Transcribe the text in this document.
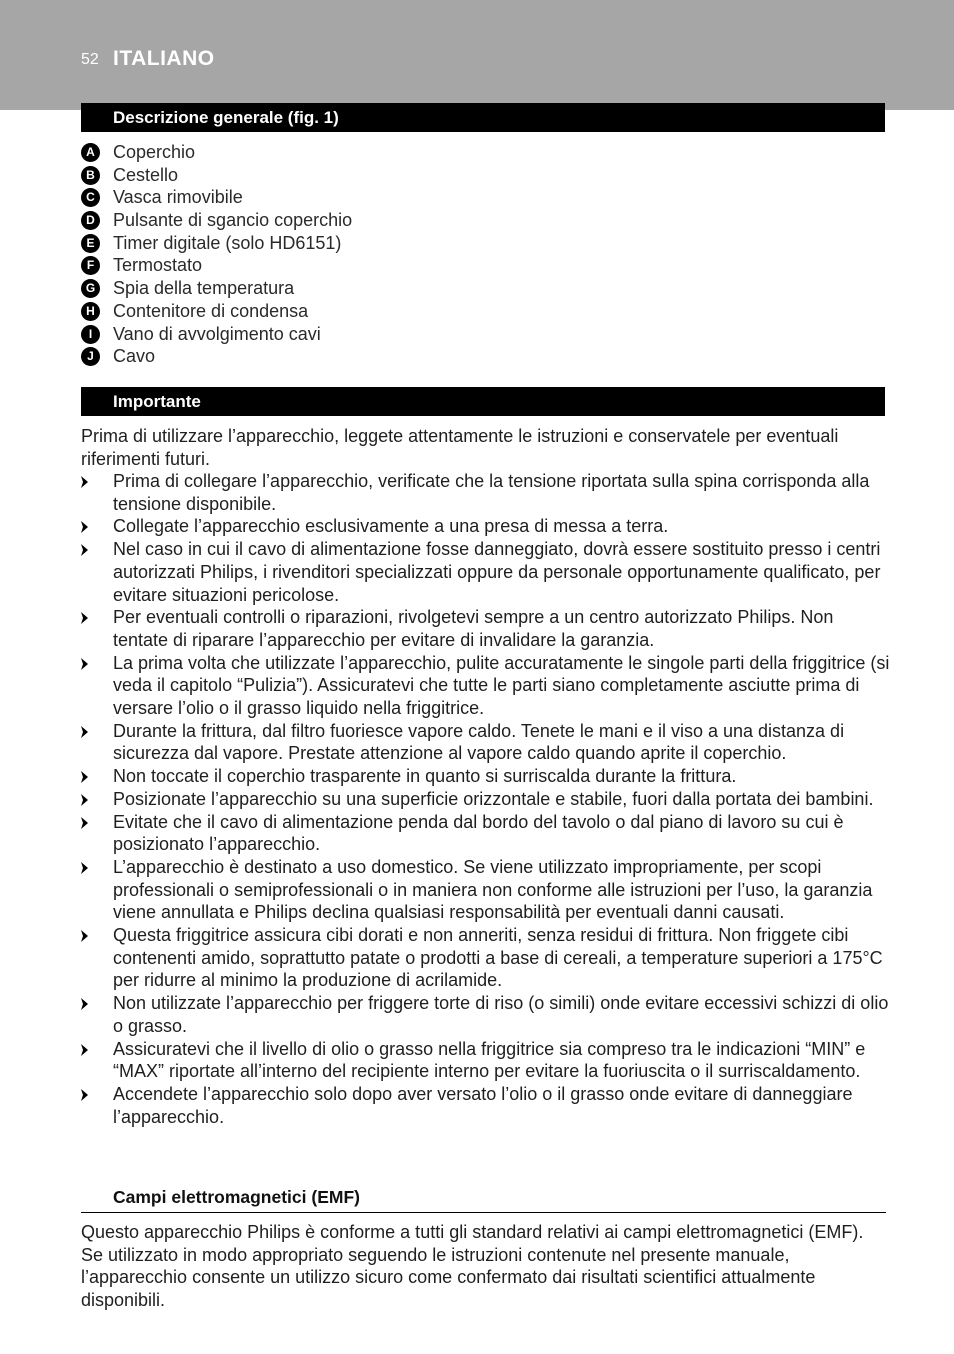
52 ITALIANO
Descrizione generale (fig. 1)
A Coperchio
B Cestello
C Vasca rimovibile
D Pulsante di sgancio coperchio
E	Timer digitale (solo HD6151)
F	Termostato
G Spia della temperatura
H Contenitore di condensa
I	Vano di avvolgimento cavi
J	Cavo
Importante

Prima di utilizzare l’apparecchio, leggete attentamente le istruzioni e conservatele per eventuali riferimenti futuri.

Prima di collegare l’apparecchio, verificate che la tensione riportata sulla spina corrisponda alla tensione disponibile.
Collegate l’apparecchio esclusivamente a una presa di messa a terra.
Nel caso in cui il cavo di alimentazione fosse danneggiato, dovrà essere sostituito presso i centri autorizzati Philips, i rivenditori specializzati oppure da personale opportunamente qualificato, per evitare situazioni pericolose.
Per eventuali controlli o riparazioni, rivolgetevi sempre a un centro autorizzato Philips. Non tentate di riparare l’apparecchio per evitare di invalidare la garanzia.
La prima volta che utilizzate l’apparecchio, pulite accuratamente le singole parti della friggitrice (si veda il capitolo “Pulizia”). Assicuratevi che tutte le parti siano completamente asciutte prima di versare l’olio o il grasso liquido nella friggitrice.
Durante la frittura, dal filtro fuoriesce vapore caldo. Tenete le mani e il viso a una distanza di sicurezza dal vapore. Prestate attenzione al vapore caldo quando aprite il coperchio.
Non toccate il coperchio trasparente in quanto si surriscalda durante la frittura.
Posizionate l’apparecchio su una superficie orizzontale e stabile, fuori dalla portata dei bambini.
Evitate che il cavo di alimentazione penda dal bordo del tavolo o dal piano di lavoro su cui è posizionato l’apparecchio.
L’apparecchio è destinato a uso domestico. Se viene utilizzato impropriamente, per scopi professionali o semiprofessionali o in maniera non conforme alle istruzioni per l’uso, la garanzia viene annullata e Philips declina qualsiasi responsabilità per eventuali danni causati.
Questa friggitrice assicura cibi dorati e non anneriti, senza residui di frittura. Non friggete cibi contenenti amido, soprattutto patate o prodotti a base di cereali, a temperature superiori a 175°C per ridurre al minimo la produzione di acrilamide.
Non utilizzate l’apparecchio per friggere torte di riso (o simili) onde evitare eccessivi schizzi di olio o grasso.
Assicuratevi che il livello di olio o grasso nella friggitrice sia compreso tra le indicazioni “MIN” e “MAX” riportate all’interno del recipiente interno per evitare la fuoriuscita o il surriscaldamento.
Accendete l’apparecchio solo dopo aver versato l’olio o il grasso onde evitare di danneggiare l’apparecchio.
Campi elettromagnetici (EMF)

Questo apparecchio Philips è conforme a tutti gli standard relativi ai campi elettromagnetici (EMF). Se utilizzato in modo appropriato seguendo le istruzioni contenute nel presente manuale, l’apparecchio consente un utilizzo sicuro come confermato dai risultati scientifici attualmente disponibili.
